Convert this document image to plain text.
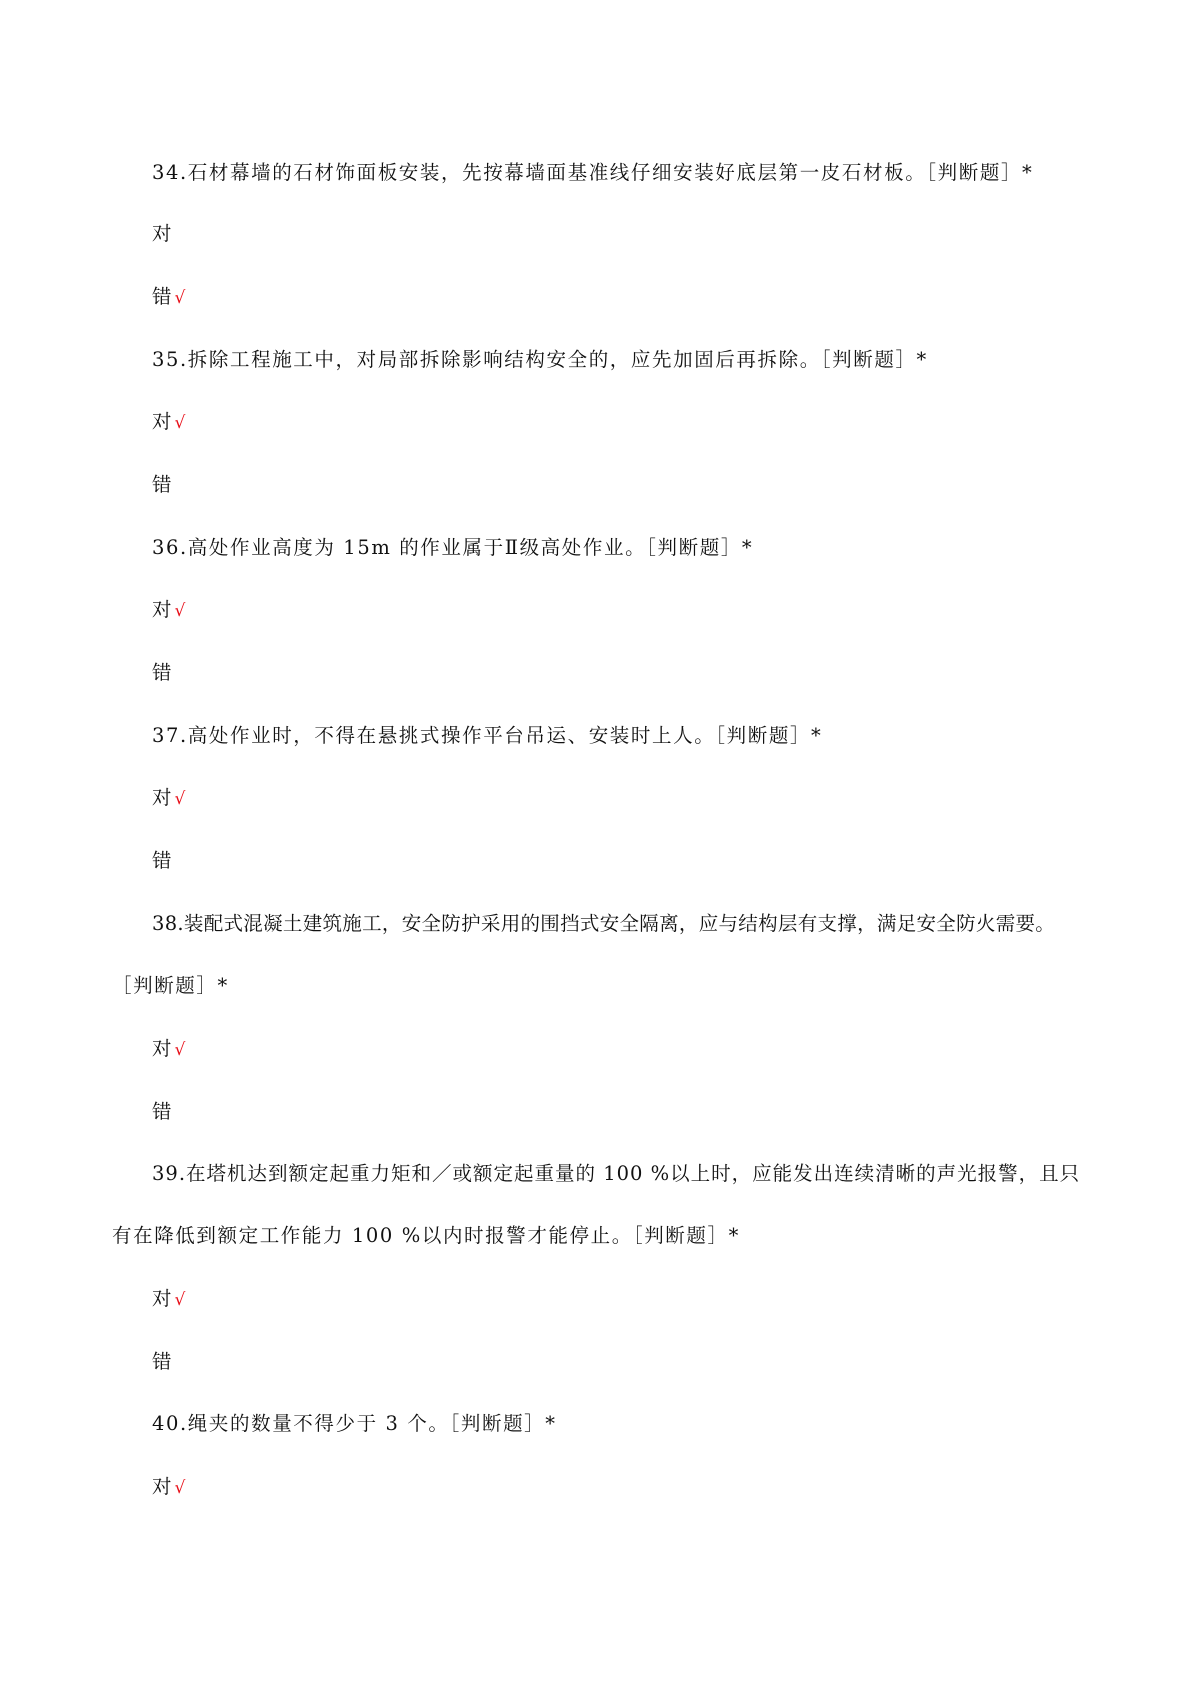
34.石材幕墙的石材饰面板安装，先按幕墙面基准线仔细安装好底层第一皮石材板。［判断题］*
对
错 √
35.拆除工程施工中，对局部拆除影响结构安全的，应先加固后再拆除。［判断题］*
对 √
错
36.高处作业高度为 15m 的作业属于Ⅱ级高处作业。［判断题］*
对 √
错
37.高处作业时，不得在悬挑式操作平台吊运、安装时上人。［判断题］*
对 √
错
38.装配式混凝土建筑施工，安全防护采用的围挡式安全隔离，应与结构层有支撑，满足安全防火需要。
［判断题］*
对 √
错
39.在塔机达到额定起重力矩和／或额定起重量的 100 %以上时，应能发出连续清晰的声光报警，且只
有在降低到额定工作能力 100 %以内时报警才能停止。［判断题］*
对 √
错
40.绳夹的数量不得少于 3 个。［判断题］*
对 √
